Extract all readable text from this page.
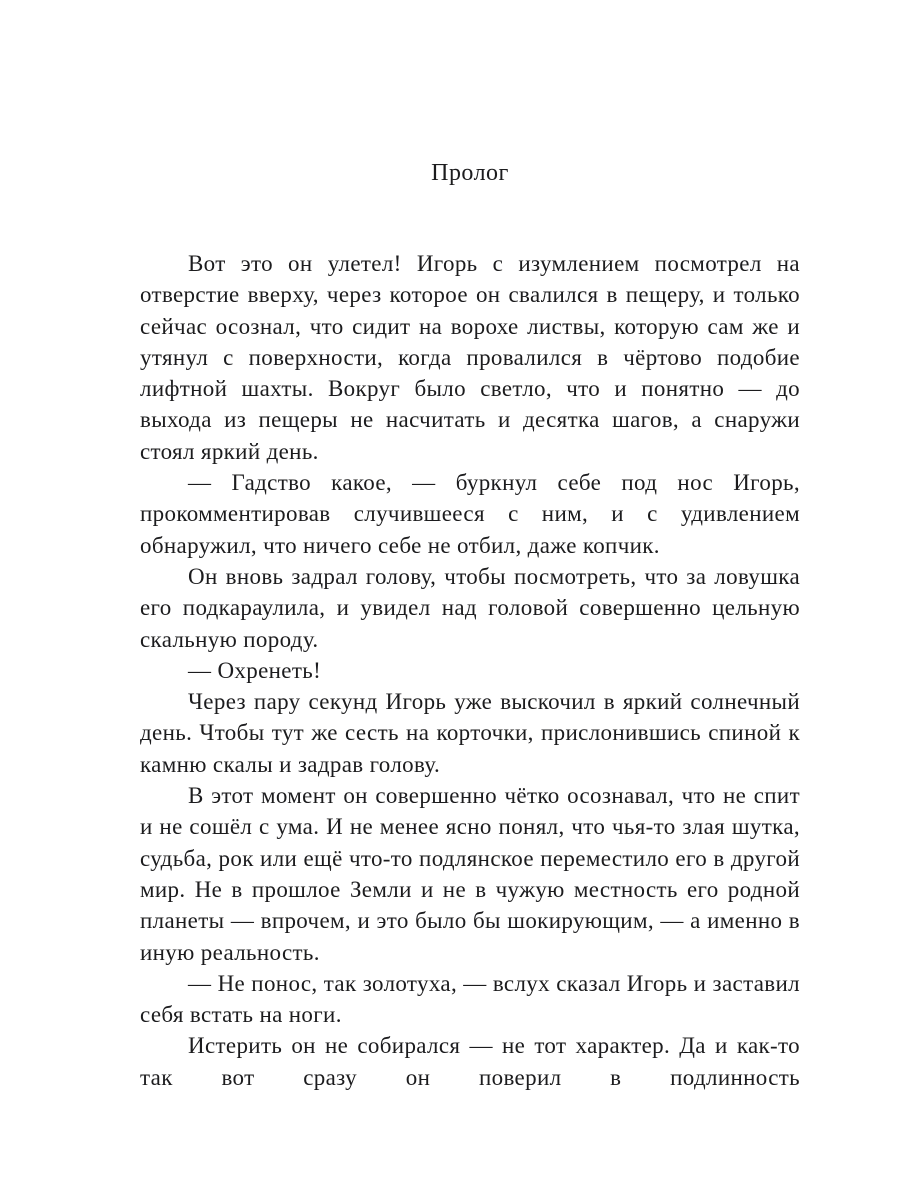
Пролог

Вот это он улетел! Игорь с изумлением посмотрел на отверстие вверху, через которое он свалился в пещеру, и только сейчас осознал, что сидит на ворохе листвы, которую сам же и утянул с поверхности, когда провалился в чёртово подобие лифтной шахты. Вокруг было светло, что и понятно — до выхода из пещеры не насчитать и десятка шагов, а снаружи стоял яркий день.

— Гадство какое, — буркнул себе под нос Игорь, прокомментировав случившееся с ним, и с удивлением обнаружил, что ничего себе не отбил, даже копчик.

Он вновь задрал голову, чтобы посмотреть, что за ловушка его подкараулила, и увидел над головой совершенно цельную скальную породу.

— Охренеть!

Через пару секунд Игорь уже выскочил в яркий солнечный день. Чтобы тут же сесть на корточки, прислонившись спиной к камню скалы и задрав голову.

В этот момент он совершенно чётко осознавал, что не спит и не сошёл с ума. И не менее ясно понял, что чья-то злая шутка, судьба, рок или ещё что-то подлянское переместило его в другой мир. Не в прошлое Земли и не в чужую местность его родной планеты — впрочем, и это было бы шокирующим, — а именно в иную реальность.

— Не понос, так золотуха, — вслух сказал Игорь и заставил себя встать на ноги.

Истерить он не собирался — не тот характер. Да и как-то так вот сразу он поверил в подлинность
